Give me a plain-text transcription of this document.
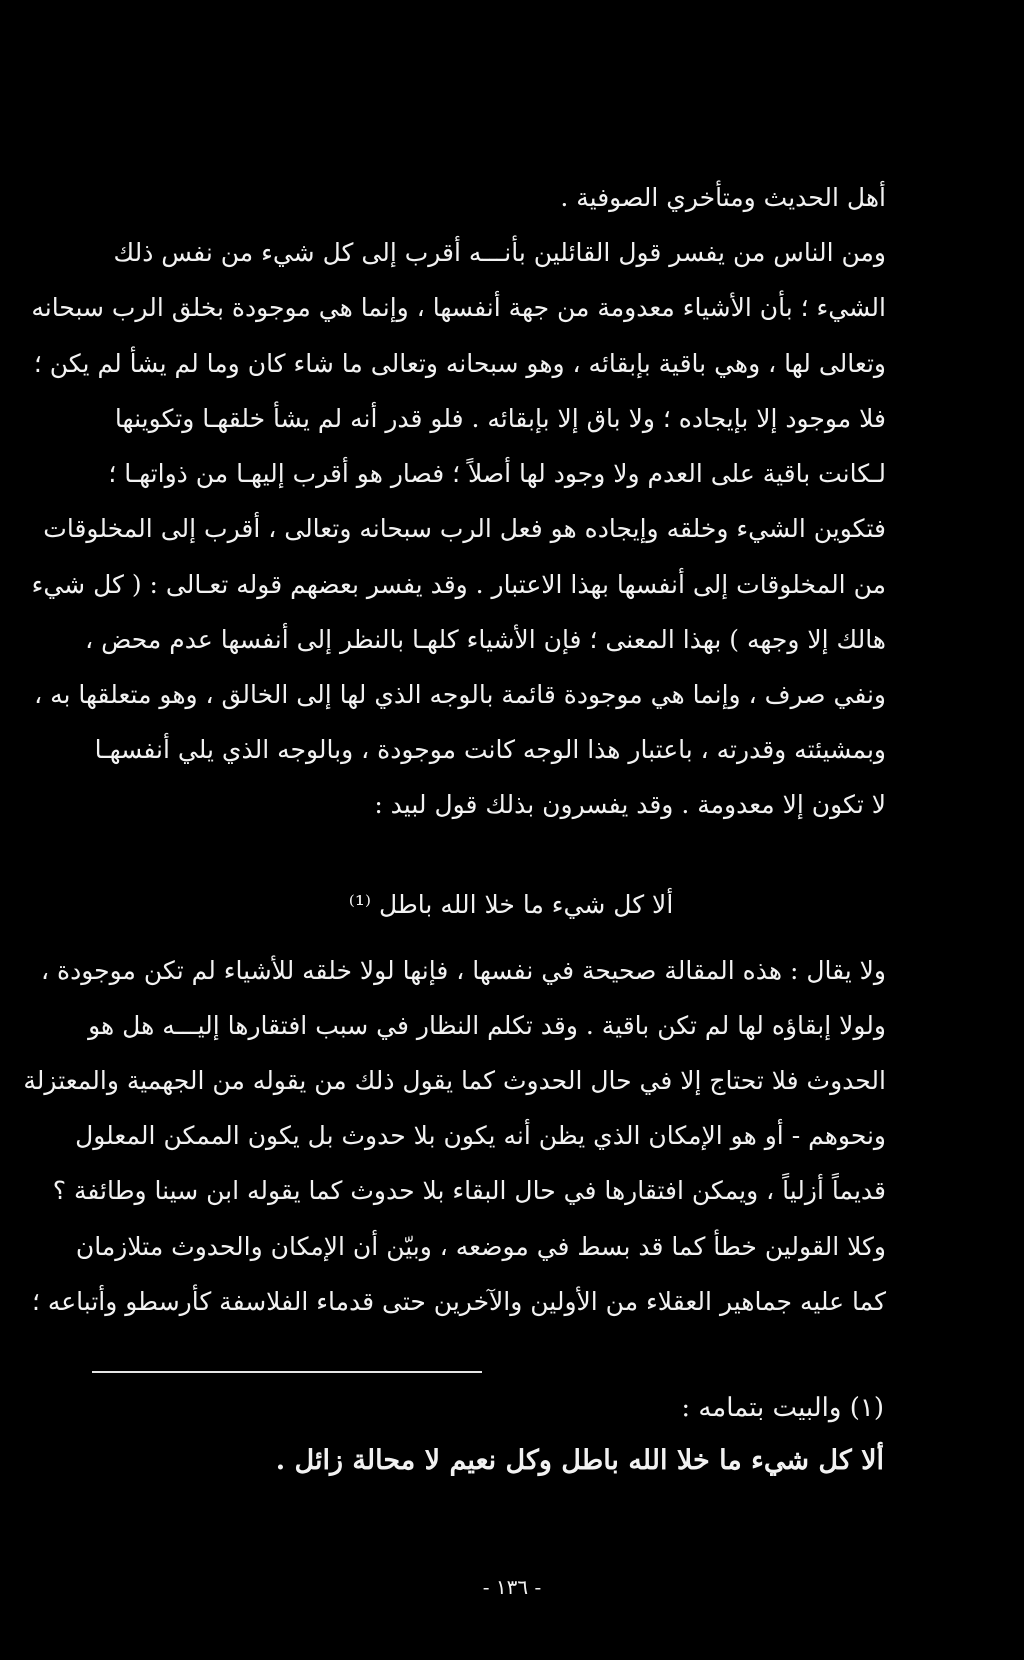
أهل الحديث ومتأخري الصوفية .
ومن الناس من يفسر قول القائلين بأنـــه أقرب إلى كل شيء من نفس ذلك
الشيء ؛ بأن الأشياء معدومة من جهة أنفسها ، وإنما هي موجودة بخلق الرب سبحانه
وتعالى لها ، وهي باقية بإبقائه ، وهو سبحانه وتعالى ما شاء كان وما لم يشأ لم يكن ؛
فلا موجود إلا بإيجاده ؛ ولا باق إلا بإبقائه . فلو قدر أنه لم يشأ خلقهـا وتكوينها
لـكانت باقية على العدم ولا وجود لها أصلاً ؛ فصار هو أقرب إليهـا من ذواتهـا ؛
فتكوين الشيء وخلقه وإيجاده هو فعل الرب سبحانه وتعالى ، أقرب إلى المخلوقات
من المخلوقات إلى أنفسها بهذا الاعتبار . وقد يفسر بعضهم قوله تعـالى : ( كل شيء
هالك إلا وجهه ) بهذا المعنى ؛ فإن الأشياء كلهـا بالنظر إلى أنفسها عدم محض ،
ونفي صرف ، وإنما هي موجودة قائمة بالوجه الذي لها إلى الخالق ، وهو متعلقها به ،
وبمشيئته وقدرته ، باعتبار هذا الوجه كانت موجودة ، وبالوجه الذي يلي أنفسهـا
لا تكون إلا معدومة . وقد يفسرون بذلك قول لبيد :
ألا كل شيء ما خلا الله باطل ⁽¹⁾
ولا يقال : هذه المقالة صحيحة في نفسها ، فإنها لولا خلقه للأشياء لم تكن موجودة ،
ولولا إبقاؤه لها لم تكن باقية . وقد تكلم النظار في سبب افتقارها إليـــه هل هو
الحدوث فلا تحتاج إلا في حال الحدوث كما يقول ذلك من يقوله من الجهمية والمعتزلة
ونحوهم - أو هو الإمكان الذي يظن أنه يكون بلا حدوث بل يكون الممكن المعلول
قديماً أزلياً ، ويمكن افتقارها في حال البقاء بلا حدوث كما يقوله ابن سينا وطائفة ؟
وكلا القولين خطأ كما قد بسط في موضعه ، وبيّن أن الإمكان والحدوث متلازمان
كما عليه جماهير العقلاء من الأولين والآخرين حتى قدماء الفلاسفة كأرسطو وأتباعه ؛
(١) والبيت بتمامه :
ألا كل شيء ما خلا الله باطل وكل نعيم لا محالة زائل .
- ١٣٦ -
